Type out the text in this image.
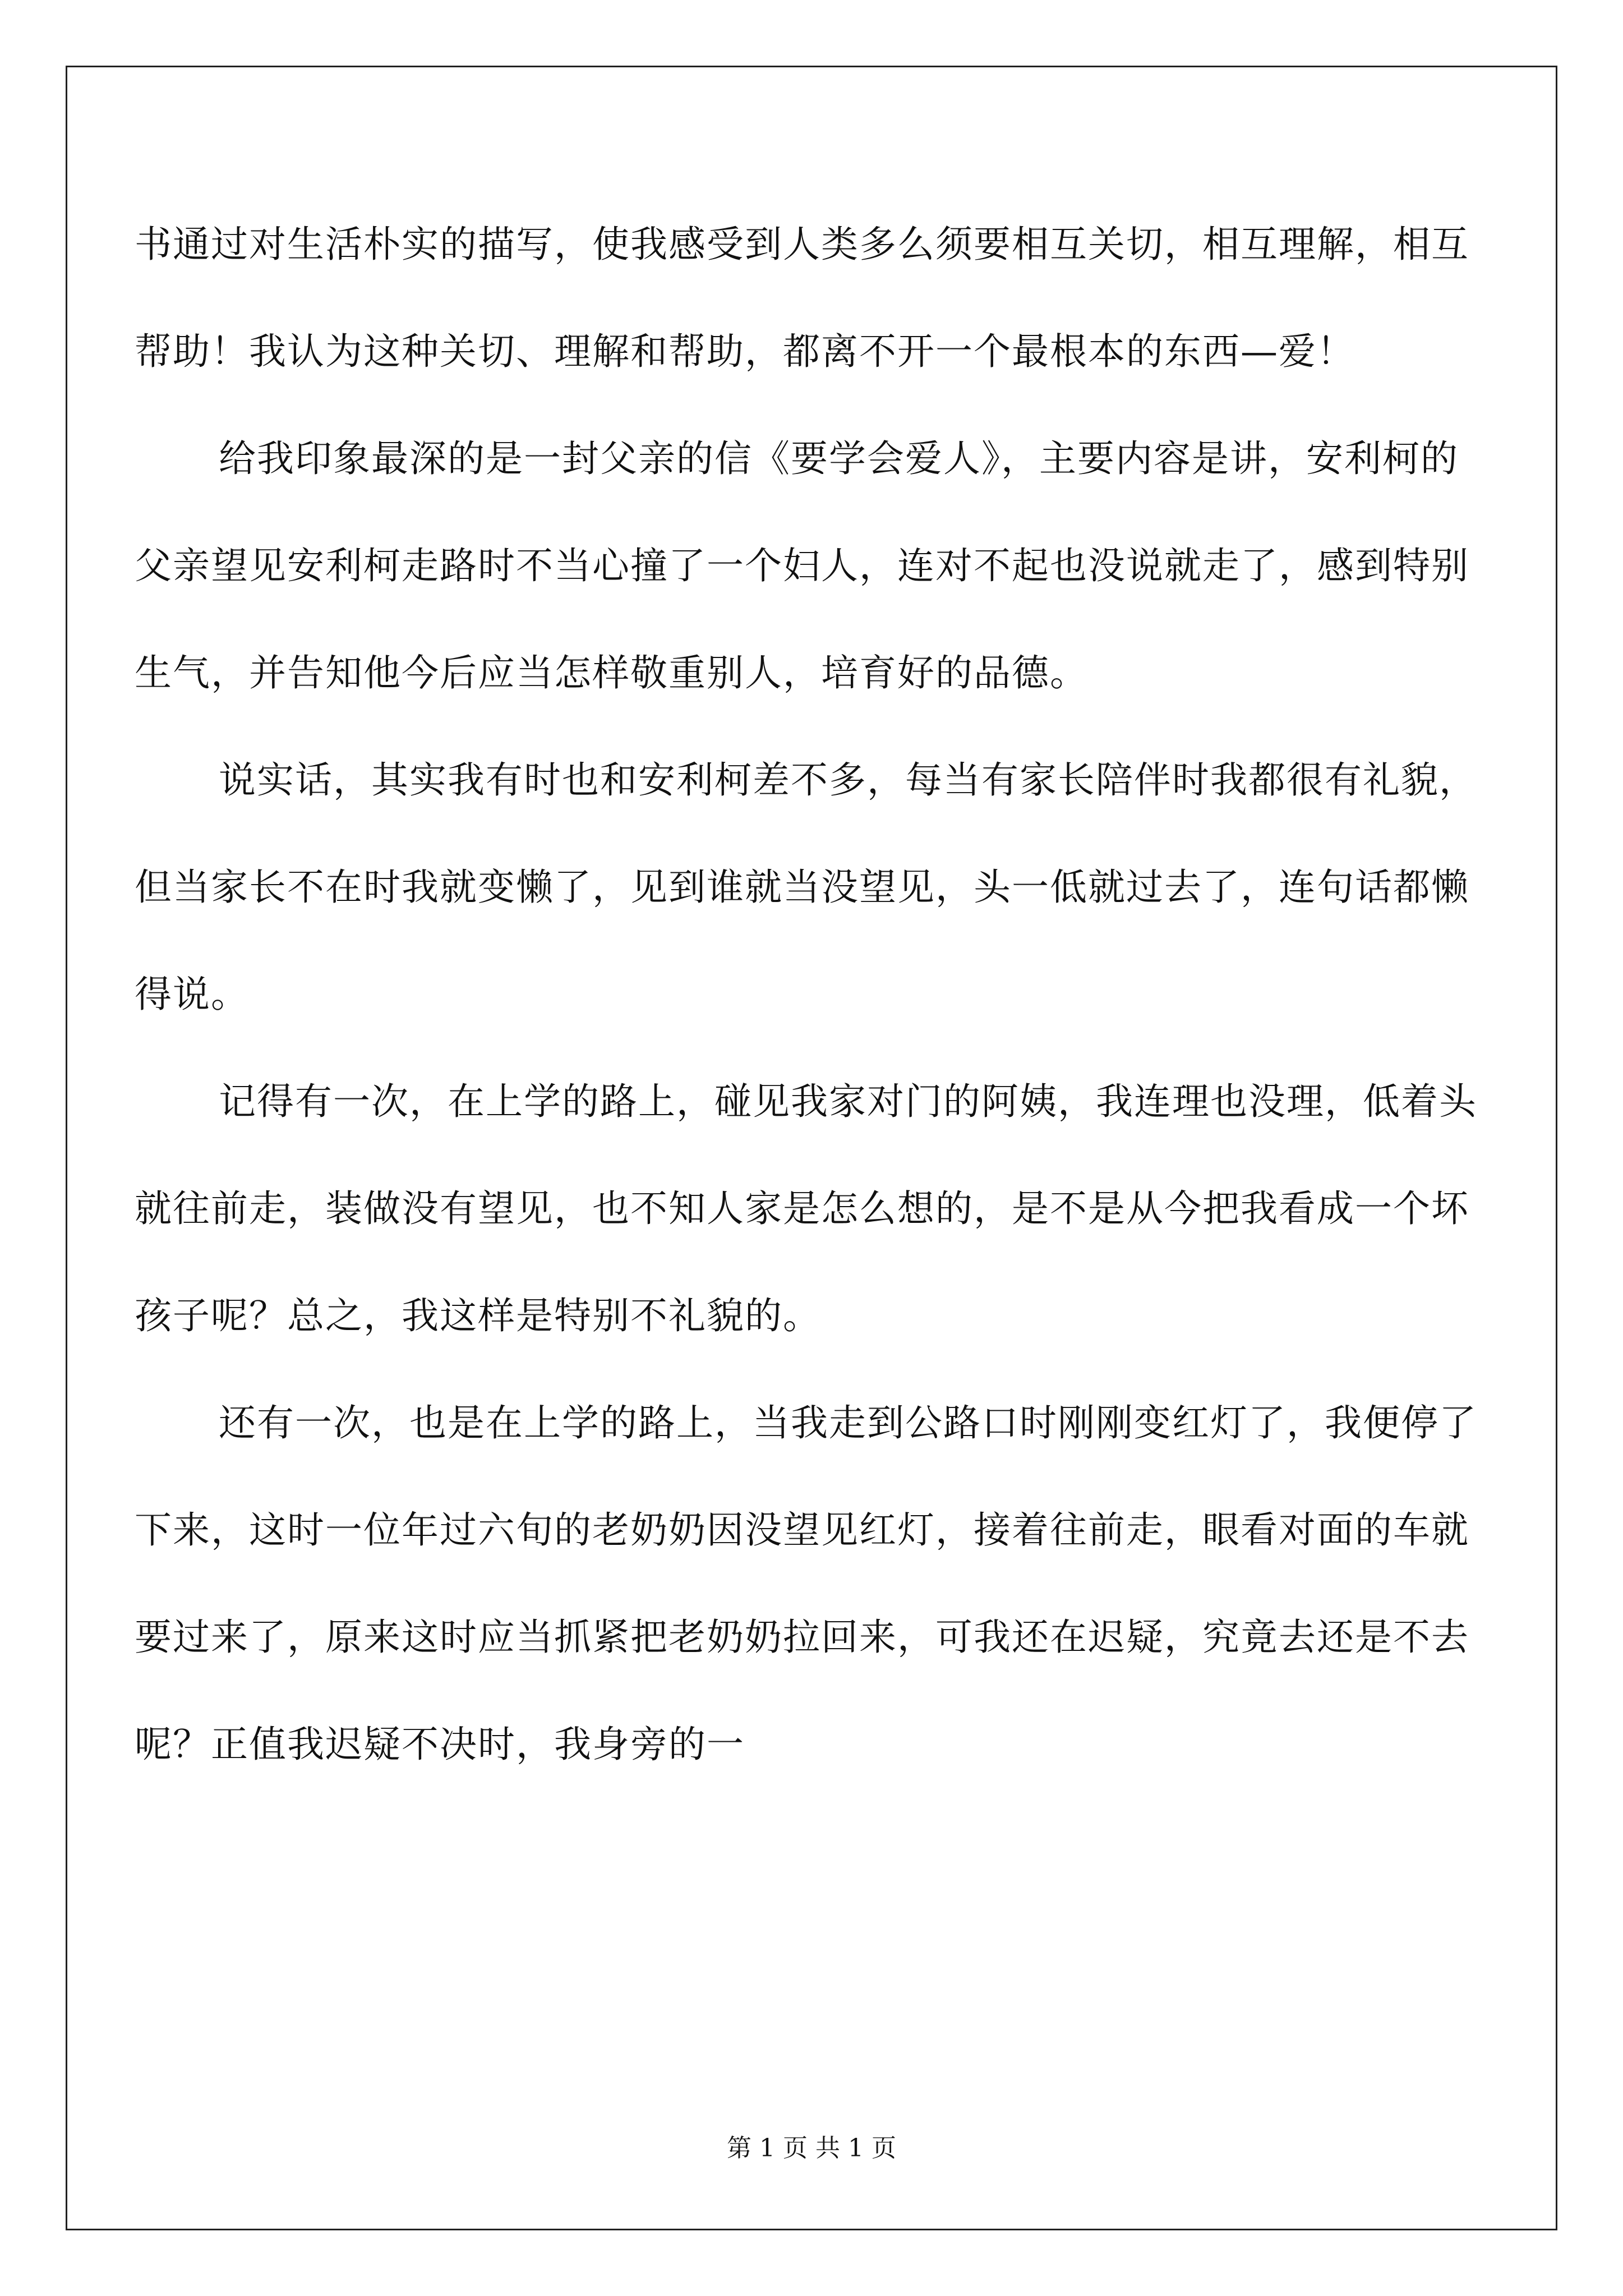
书通过对生活朴实的描写，使我感受到人类多么须要相互关切，相互理解，相互帮助！我认为这种关切、理解和帮助，都离不开一个最根本的东西—爱！

给我印象最深的是一封父亲的信《要学会爱人》，主要内容是讲，安利柯的父亲望见安利柯走路时不当心撞了一个妇人，连对不起也没说就走了，感到特别生气，并告知他今后应当怎样敬重别人，培育好的品德。

说实话，其实我有时也和安利柯差不多，每当有家长陪伴时我都很有礼貌，但当家长不在时我就变懒了，见到谁就当没望见，头一低就过去了，连句话都懒得说。

记得有一次，在上学的路上，碰见我家对门的阿姨，我连理也没理，低着头就往前走，装做没有望见，也不知人家是怎么想的，是不是从今把我看成一个坏孩子呢？总之，我这样是特别不礼貌的。

还有一次，也是在上学的路上，当我走到公路口时刚刚变红灯了，我便停了下来，这时一位年过六旬的老奶奶因没望见红灯，接着往前走，眼看对面的车就要过来了，原来这时应当抓紧把老奶奶拉回来，可我还在迟疑，究竟去还是不去呢？正值我迟疑不决时，我身旁的一

第 1 页 共 1 页
